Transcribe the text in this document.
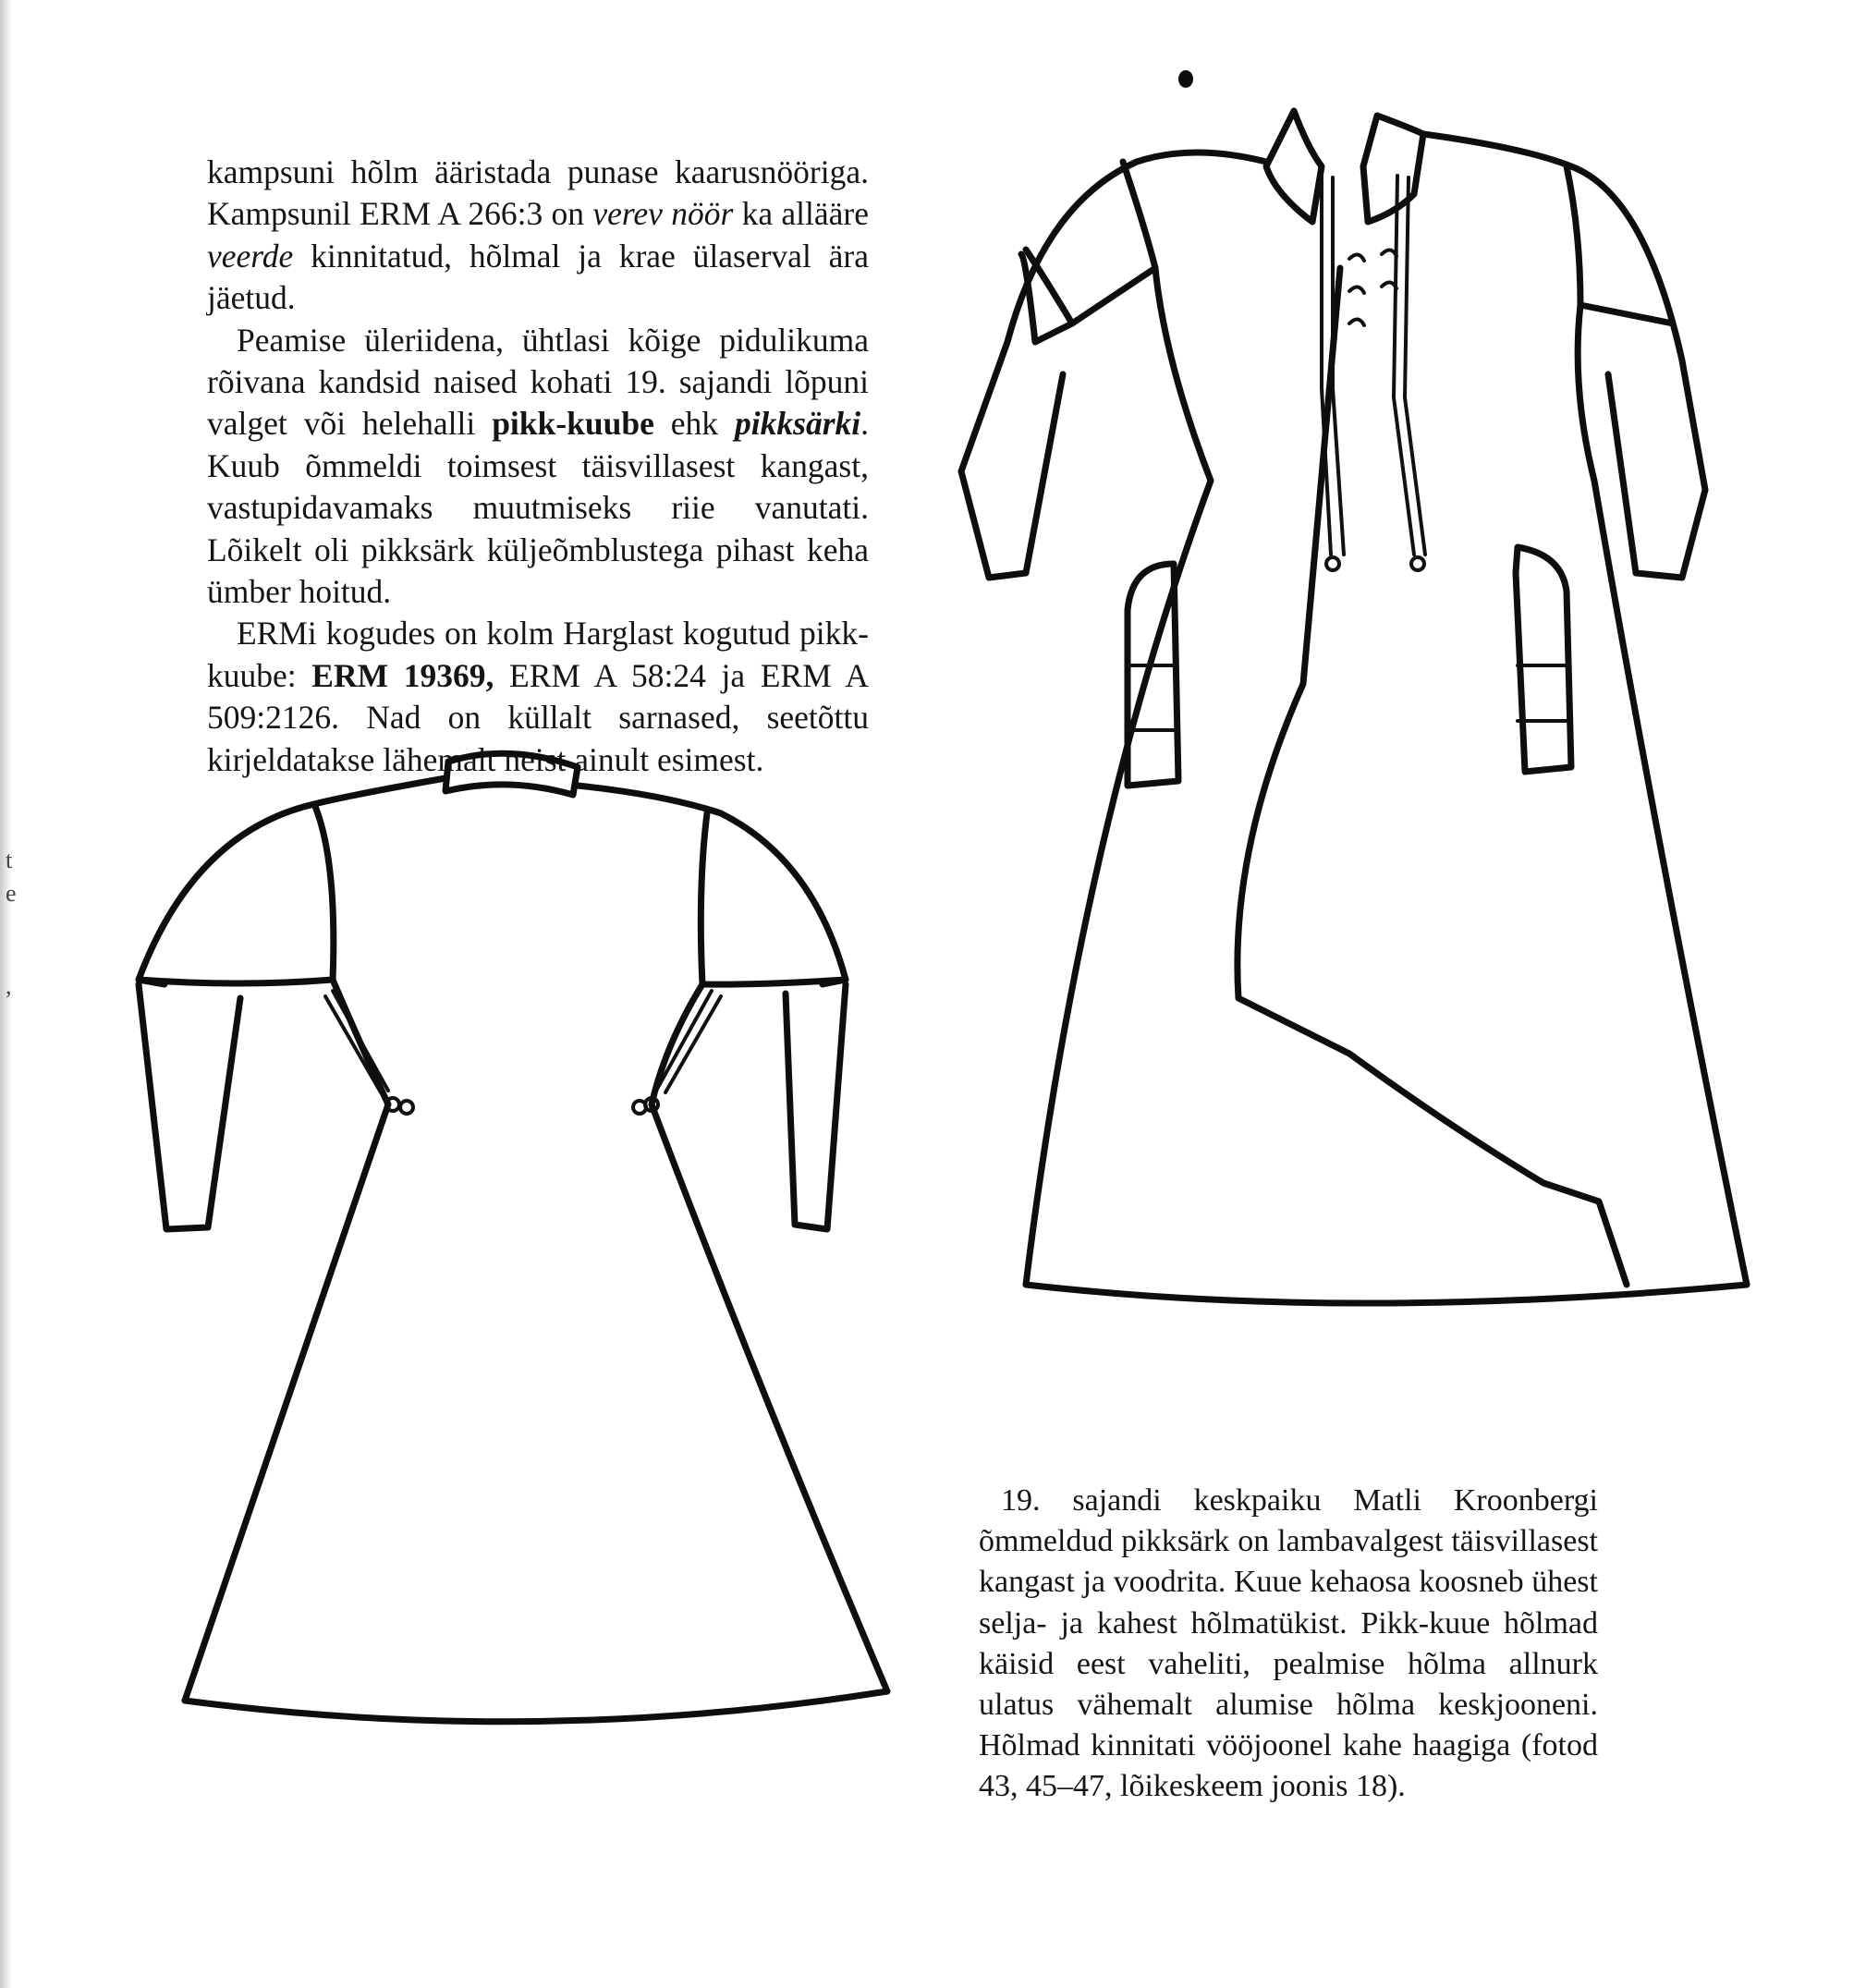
t
e
,

kampsuni hõlm ääristada punase kaarusnööriga. Kampsunil ERM A 266:3 on verev nöör ka allääre veerde kinnitatud, hõlmal ja krae ülaserval ära jäetud.

Peamise üleriidena, ühtlasi kõige pidulikuma rõivana kandsid naised kohati 19. sajandi lõpuni valget või helehalli pikk-kuube ehk pikksärki. Kuub õmmeldi toimsest täisvillasest kangast, vastupidavamaks muutmiseks riie vanutati. Lõikelt oli pikksärk küljeõmblustega pihast keha ümber hoitud.

ERMi kogudes on kolm Harglast kogutud pikk-kuube: ERM 19369, ERM A 58:24 ja ERM A 509:2126. Nad on küllalt sarnased, seetõttu kirjeldatakse lähemalt neist ainult esimest.

19. sajandi keskpaiku Matli Kroonbergi õmmeldud pikksärk on lambavalgest täisvillasest kangast ja voodrita. Kuue kehaosa koosneb ühest selja- ja kahest hõlmatükist. Pikk-kuue hõlmad käisid eest vaheliti, pealmise hõlma allnurk ulatus vähemalt alumise hõlma keskjooneni. Hõlmad kinnitati vööjoonel kahe haagiga (fotod 43, 45–47, lõikeskeem joonis 18).
